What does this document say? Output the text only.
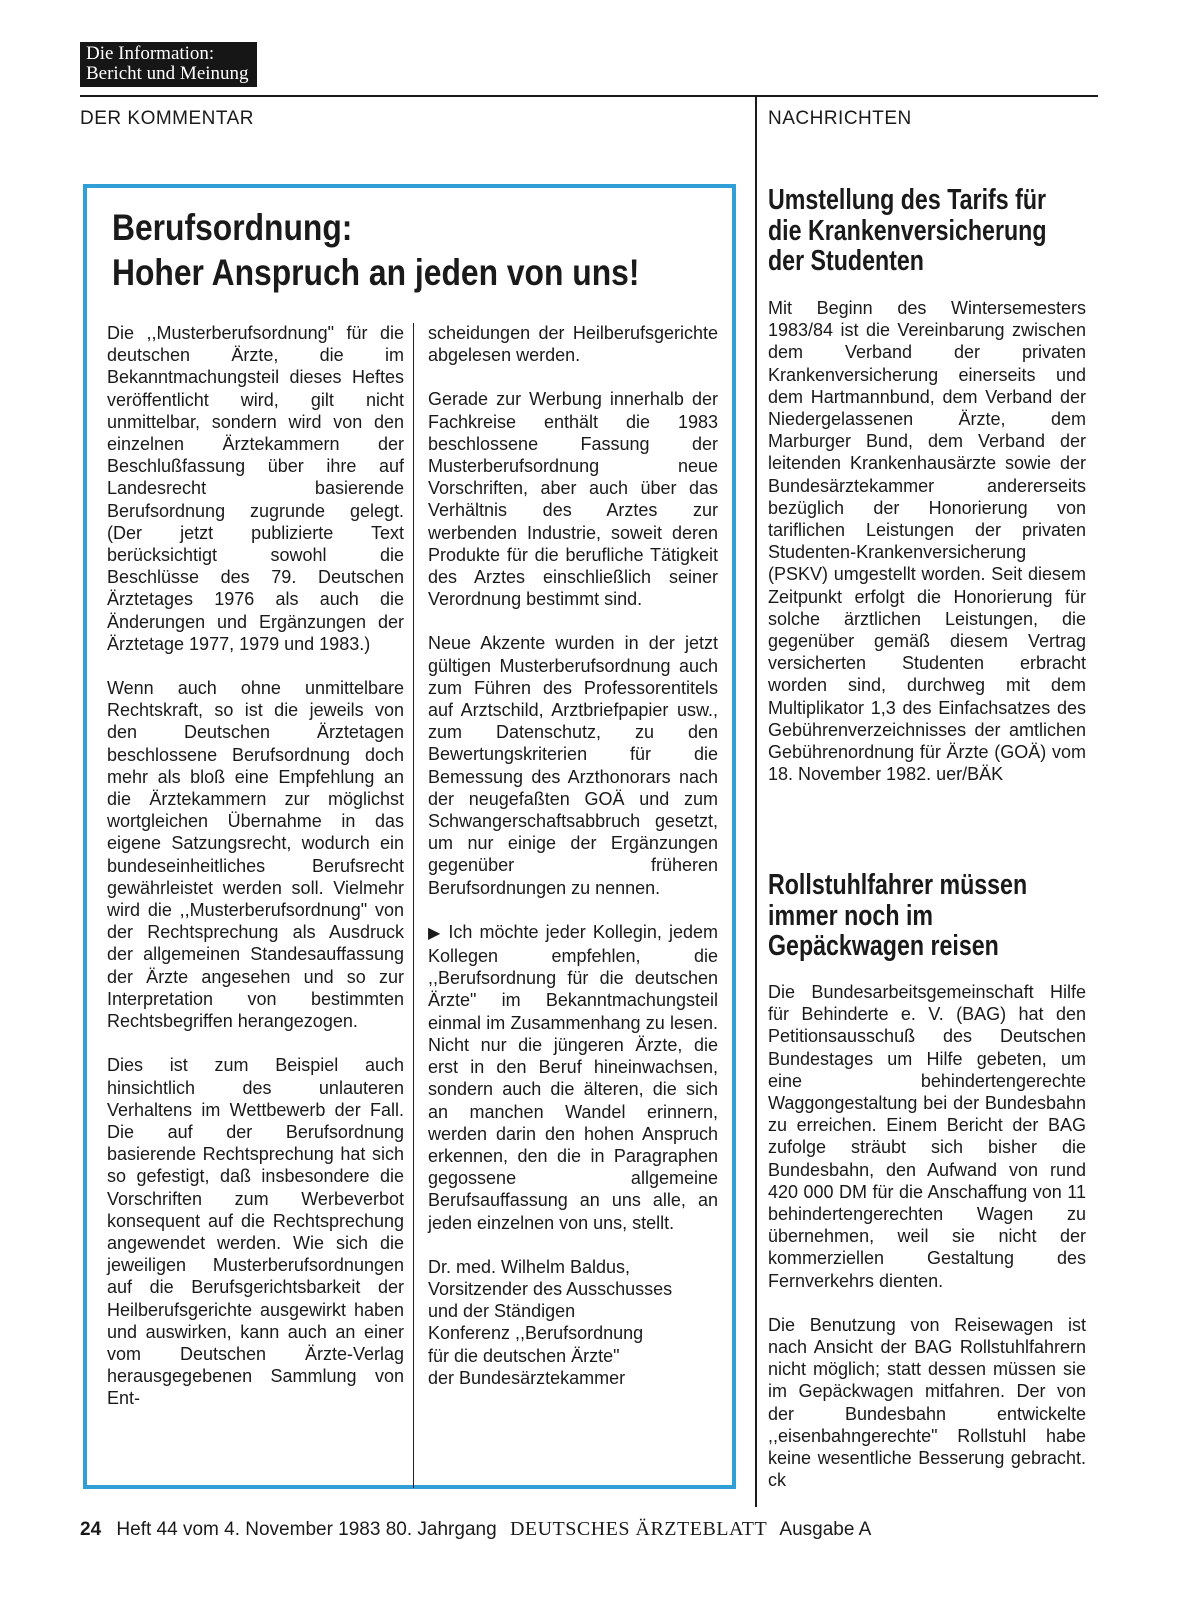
Die Information:
Bericht und Meinung
DER KOMMENTAR	NACHRICHTEN
Berufsordnung:
Hoher Anspruch an jeden von uns!

Die ,,Musterberufsordnung" für die deutschen Ärzte, die im Bekanntmachungsteil dieses Heftes veröffentlicht wird, gilt nicht unmittelbar, sondern wird von den einzelnen Ärztekammern der Beschlußfassung über ihre auf Landesrecht basierende Berufsordnung zugrunde gelegt. (Der jetzt publizierte Text berücksichtigt sowohl die Beschlüsse des 79. Deutschen Ärztetages 1976 als auch die Änderungen und Ergänzungen der Ärztetage 1977, 1979 und 1983.)

Wenn auch ohne unmittelbare Rechtskraft, so ist die jeweils von den Deutschen Ärztetagen beschlossene Berufsordnung doch mehr als bloß eine Empfehlung an die Ärztekammern zur möglichst wortgleichen Übernahme in das eigene Satzungsrecht, wodurch ein bundeseinheitliches Berufsrecht gewährleistet werden soll. Vielmehr wird die ,,Musterberufsordnung" von der Rechtsprechung als Ausdruck der allgemeinen Standesauffassung der Ärzte angesehen und so zur Interpretation von bestimmten Rechtsbegriffen herangezogen.

Dies ist zum Beispiel auch hinsichtlich des unlauteren Verhaltens im Wettbewerb der Fall. Die auf der Berufsordnung basierende Rechtsprechung hat sich so gefestigt, daß insbesondere die Vorschriften zum Werbeverbot konsequent auf die Rechtsprechung angewendet werden. Wie sich die jeweiligen Musterberufsordnungen auf die Berufsgerichtsbarkeit der Heilberufsgerichte ausgewirkt haben und auswirken, kann auch an einer vom Deutschen Ärzte-Verlag herausgegebenen Sammlung von Ent-

scheidungen der Heilberufsgerichte abgelesen werden.

Gerade zur Werbung innerhalb der Fachkreise enthält die 1983 beschlossene Fassung der Musterberufsordnung neue Vorschriften, aber auch über das Verhältnis des Arztes zur werbenden Industrie, soweit deren Produkte für die berufliche Tätigkeit des Arztes einschließlich seiner Verordnung bestimmt sind.

Neue Akzente wurden in der jetzt gültigen Musterberufsordnung auch zum Führen des Professorentitels auf Arztschild, Arztbriefpapier usw., zum Datenschutz, zu den Bewertungskriterien für die Bemessung des Arzthonorars nach der neugefaßten GOÄ und zum Schwangerschaftsabbruch gesetzt, um nur einige der Ergänzungen gegenüber früheren Berufsordnungen zu nennen.

▶ Ich möchte jeder Kollegin, jedem Kollegen empfehlen, die ,,Berufsordnung für die deutschen Ärzte" im Bekanntmachungsteil einmal im Zusammenhang zu lesen. Nicht nur die jüngeren Ärzte, die erst in den Beruf hineinwachsen, sondern auch die älteren, die sich an manchen Wandel erinnern, werden darin den hohen Anspruch erkennen, den die in Paragraphen gegossene allgemeine Berufsauffassung an uns alle, an jeden einzelnen von uns, stellt.

Dr. med. Wilhelm Baldus,
Vorsitzender des Ausschusses
und der Ständigen
Konferenz ,,Berufsordnung
für die deutschen Ärzte"
der Bundesärztekammer
Umstellung des Tarifs für
die Krankenversicherung
der Studenten

Mit Beginn des Wintersemesters 1983/84 ist die Vereinbarung zwischen dem Verband der privaten Krankenversicherung einerseits und dem Hartmannbund, dem Verband der Niedergelassenen Ärzte, dem Marburger Bund, dem Verband der leitenden Krankenhausärzte sowie der Bundesärztekammer andererseits bezüglich der Honorierung von tariflichen Leistungen der privaten Studenten-Krankenversicherung (PSKV) umgestellt worden. Seit diesem Zeitpunkt erfolgt die Honorierung für solche ärztlichen Leistungen, die gegenüber gemäß diesem Vertrag versicherten Studenten erbracht worden sind, durchweg mit dem Multiplikator 1,3 des Einfachsatzes des Gebührenverzeichnisses der amtlichen Gebührenordnung für Ärzte (GOÄ) vom 18. November 1982. uer/BÄK

Rollstuhlfahrer müssen
immer noch im
Gepäckwagen reisen

Die Bundesarbeitsgemeinschaft Hilfe für Behinderte e. V. (BAG) hat den Petitionsausschuß des Deutschen Bundestages um Hilfe gebeten, um eine behindertengerechte Waggongestaltung bei der Bundesbahn zu erreichen. Einem Bericht der BAG zufolge sträubt sich bisher die Bundesbahn, den Aufwand von rund 420 000 DM für die Anschaffung von 11 behindertengerechten Wagen zu übernehmen, weil sie nicht der kommerziellen Gestaltung des Fernverkehrs dienten.

Die Benutzung von Reisewagen ist nach Ansicht der BAG Rollstuhlfahrern nicht möglich; statt dessen müssen sie im Gepäckwagen mitfahren. Der von der Bundesbahn entwickelte ,,eisenbahngerechte" Rollstuhl habe keine wesentliche Besserung gebracht. ck

24 Heft 44 vom 4. November 1983 80. Jahrgang DEUTSCHES ÄRZTEBLATT Ausgabe A
